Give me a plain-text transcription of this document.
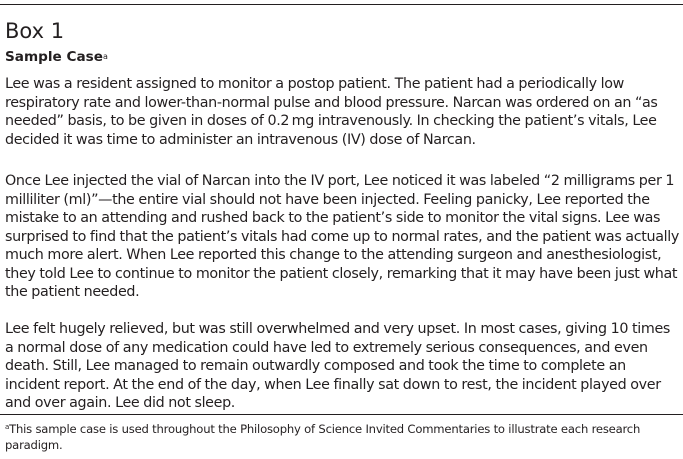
Box 1
Sample Case$^a$

Lee was a resident assigned to monitor a postop patient. The patient had a periodically low respiratory rate and lower-than-normal pulse and blood pressure. Narcan was ordered on an “as needed” basis, to be given in doses of 0.2 mg intravenously. In checking the patient’s vitals, Lee decided it was time to administer an intravenous (IV) dose of Narcan.

Once Lee injected the vial of Narcan into the IV port, Lee noticed it was labeled “2 milligrams per 1 milliliter (ml)”—the entire vial should not have been injected. Feeling panicky, Lee reported the mistake to an attending and rushed back to the patient’s side to monitor the vital signs. Lee was surprised to find that the patient’s vitals had come up to normal rates, and the patient was actually much more alert. When Lee reported this change to the attending surgeon and anesthesiologist, they told Lee to continue to monitor the patient closely, remarking that it may have been just what the patient needed.

Lee felt hugely relieved, but was still overwhelmed and very upset. In most cases, giving 10 times a normal dose of any medication could have led to extremely serious consequences, and even death. Still, Lee managed to remain outwardly composed and took the time to complete an incident report. At the end of the day, when Lee finally sat down to rest, the incident played over and over again. Lee did not sleep.

$^a$This sample case is used throughout the Philosophy of Science Invited Commentaries to illustrate each research paradigm.
